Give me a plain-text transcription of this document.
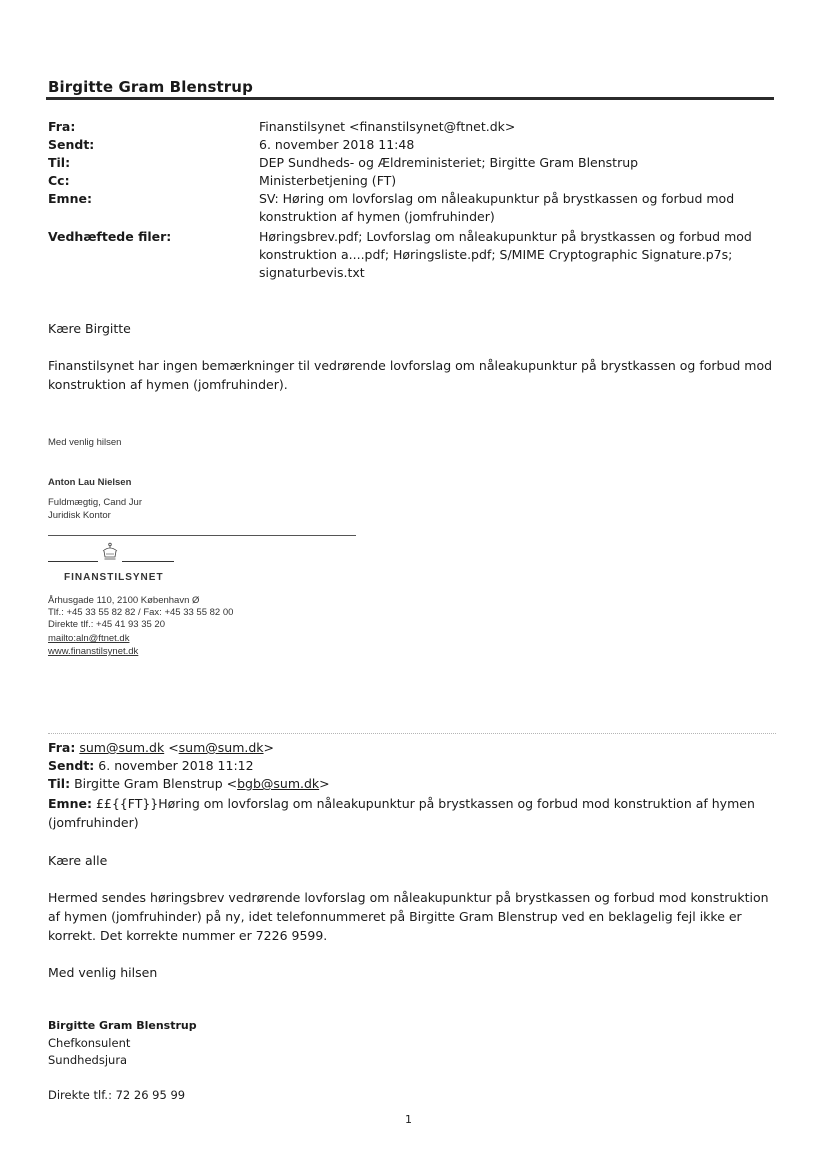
Birgitte Gram Blenstrup
Fra:	Finanstilsynet <finanstilsynet@ftnet.dk>
Sendt:	6. november 2018 11:48
Til:	DEP Sundheds- og Ældreministeriet; Birgitte Gram Blenstrup
Cc:	Ministerbetjening (FT)
Emne:	SV: Høring om lovforslag om nåleakupunktur på brystkassen og forbud mod
konstruktion af hymen (jomfruhinder)
Vedhæftede filer:	Høringsbrev.pdf; Lovforslag om nåleakupunktur på brystkassen og forbud mod
konstruktion a....pdf; Høringsliste.pdf; S/MIME Cryptographic Signature.p7s;
signaturbevis.txt
Kære Birgitte
Finanstilsynet har ingen bemærkninger til vedrørende lovforslag om nåleakupunktur på brystkassen og forbud mod
konstruktion af hymen (jomfruhinder).
Med venlig hilsen
Anton Lau Nielsen
Fuldmægtig, Cand Jur
Juridisk Kontor
FINANSTILSYNET
Århusgade 110, 2100 København Ø
Tlf.: +45 33 55 82 82 / Fax: +45 33 55 82 00
Direkte tlf.: +45 41 93 35 20
mailto:aln@ftnet.dk
www.finanstilsynet.dk
Fra: sum@sum.dk <sum@sum.dk>
Sendt: 6. november 2018 11:12
Til: Birgitte Gram Blenstrup <bgb@sum.dk>
Emne: ££{{FT}}Høring om lovforslag om nåleakupunktur på brystkassen og forbud mod konstruktion af hymen
(jomfruhinder)
Kære alle
Hermed sendes høringsbrev vedrørende lovforslag om nåleakupunktur på brystkassen og forbud mod konstruktion
af hymen (jomfruhinder) på ny, idet telefonnummeret på Birgitte Gram Blenstrup ved en beklagelig fejl ikke er
korrekt. Det korrekte nummer er 7226 9599.
Med venlig hilsen
Birgitte Gram Blenstrup
Chefkonsulent
Sundhedsjura
Direkte tlf.: 72 26 95 99
1
